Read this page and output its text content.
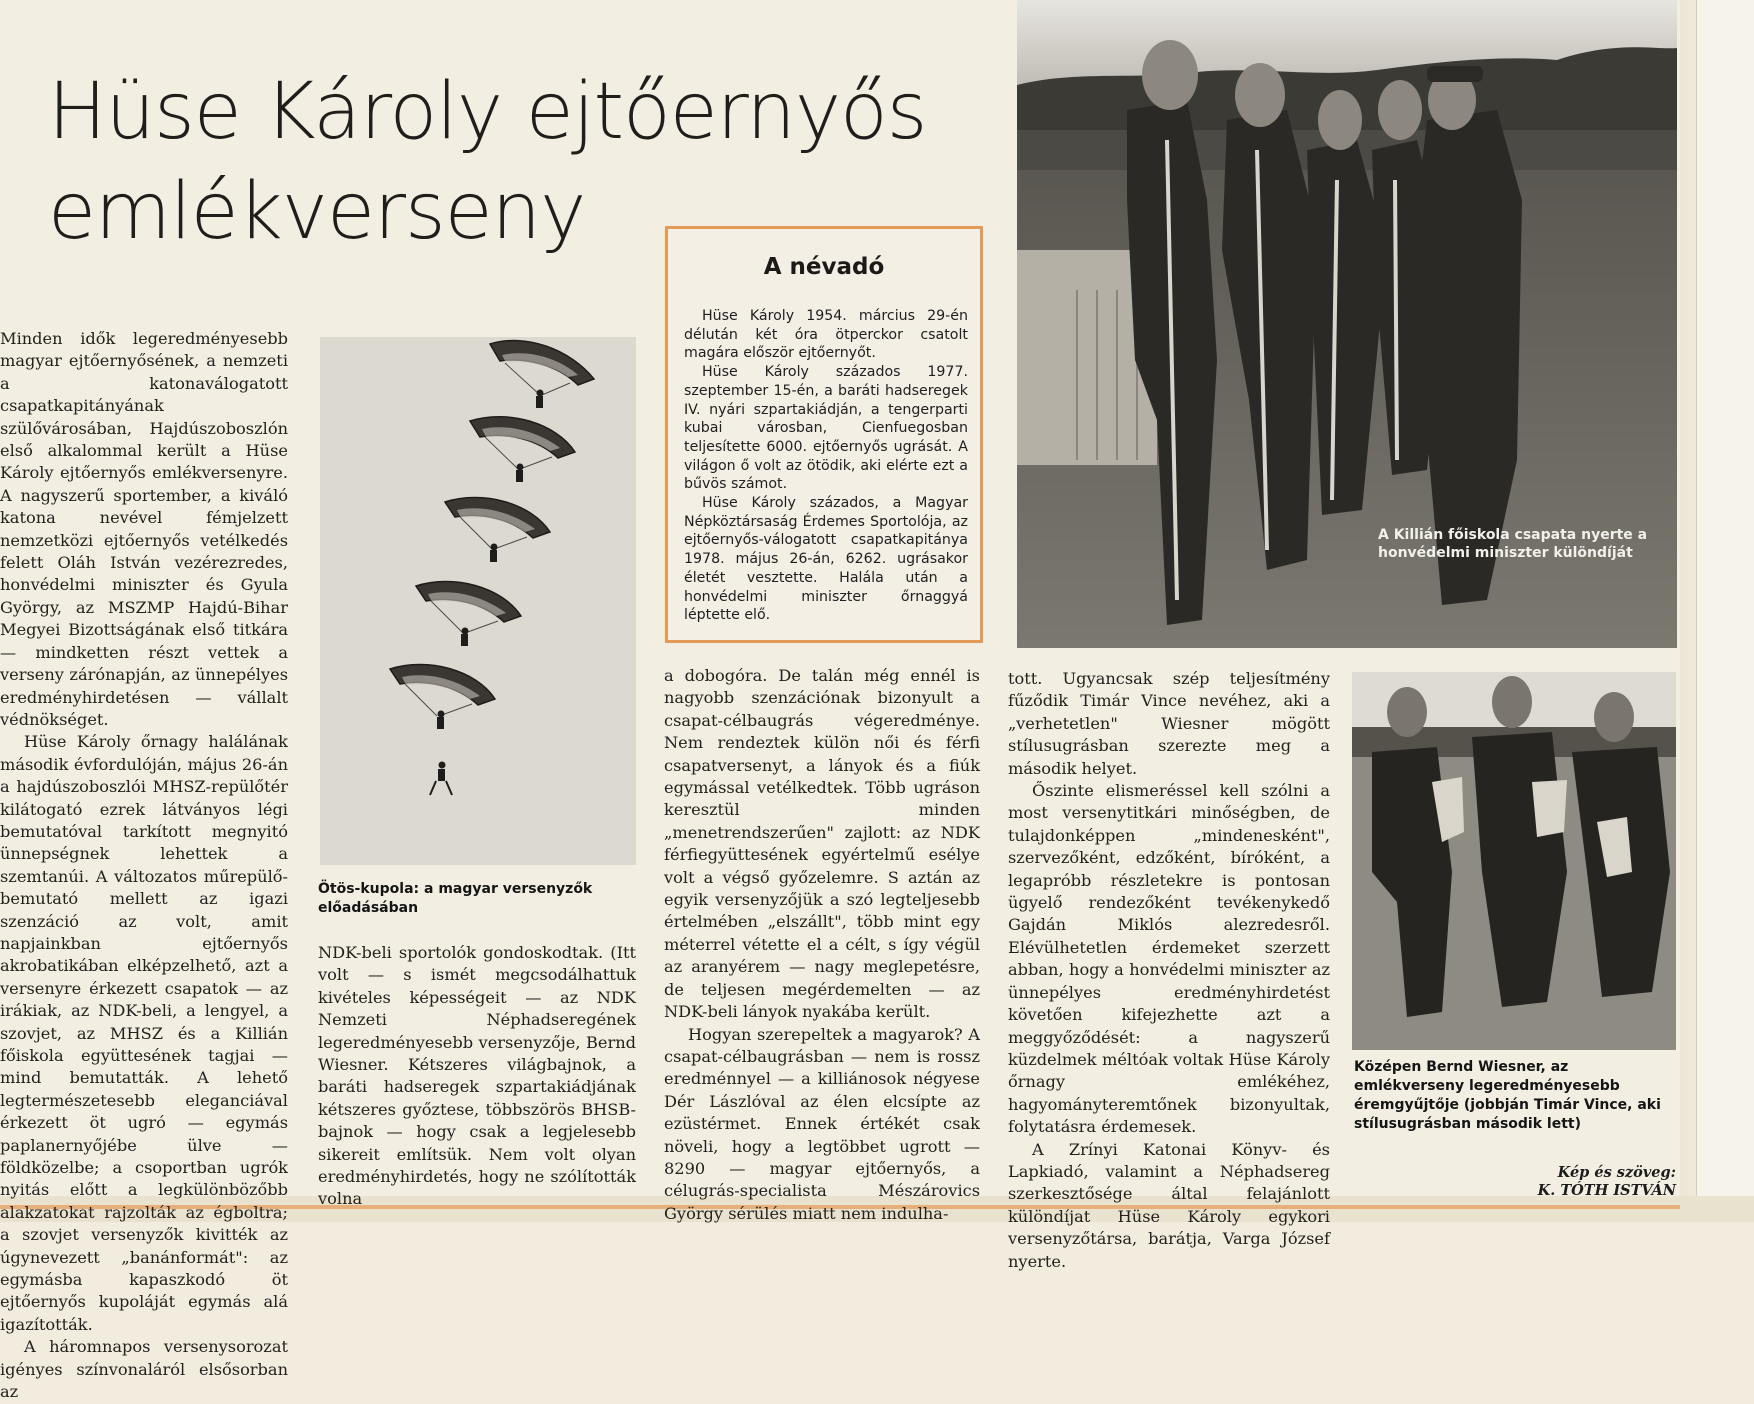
Hüse Károly ejtőernyős
emlékverseny

Minden idők legeredményesebb magyar ejtőernyősének, a nemzeti a katonaválogatott csapatkapitányának szülővárosában, Hajdúszoboszlón első alkalommal került a Hüse Károly ejtőernyős emlékversenyre. A nagyszerű sportember, a kiváló katona nevével fémjelzett nemzetközi ejtőernyős vetélkedés felett Oláh István vezérezredes, honvédelmi miniszter és Gyula György, az MSZMP Hajdú-Bihar Megyei Bizottságának első titkára — mindketten részt vettek a verseny zárónapján, az ünnepélyes eredményhirdetésen — vállalt védnökséget.

Hüse Károly őrnagy halálának második évfordulóján, május 26-án a hajdúszoboszlói MHSZ-repülőtér kilátogató ezrek látványos légi bemutatóval tarkított megnyitó ünnepségnek lehettek a szemtanúi. A változatos műrepülő-bemutató mellett az igazi szenzáció az volt, amit napjainkban ejtőernyős akrobatikában elképzelhető, azt a versenyre érkezett csapatok — az irákiak, az NDK-beli, a lengyel, a szovjet, az MHSZ és a Killián főiskola együttesének tagjai — mind bemutatták. A lehető legtermészetesebb eleganciával érkezett öt ugró — egymás paplanernyőjébe ülve — földközelbe; a csoportban ugrók nyitás előtt a legkülönbözőbb alakzatokat rajzolták az égboltra; a szovjet versenyzők kivitték az úgynevezett „banánformát": az egymásba kapaszkodó öt ejtőernyős kupoláját egymás alá igazították.

A háromnapos versenysorozat igényes színvonaláról elsősorban az

Ötös-kupola: a magyar versenyzők előadásában

NDK-beli sportolók gondoskodtak. (Itt volt — s ismét megcsodálhattuk kivételes képességeit — az NDK Nemzeti Néphadseregének legeredményesebb versenyzője, Bernd Wiesner. Kétszeres világbajnok, a baráti hadseregek szpartakiádjának kétszeres győztese, többszörös BHSB-bajnok — hogy csak a legjelesebb sikereit említsük. Nem volt olyan eredményhirdetés, hogy ne szólították volna

A névadó

Hüse Károly 1954. március 29-én délután két óra ötperckor csatolt magára először ejtőernyőt.

Hüse Károly százados 1977. szeptember 15-én, a baráti hadseregek IV. nyári szpartakiádján, a tengerparti kubai városban, Cienfuegosban teljesítette 6000. ejtőernyős ugrását. A világon ő volt az ötödik, aki elérte ezt a bűvös számot.

Hüse Károly százados, a Magyar Népköztársaság Érdemes Sportolója, az ejtőernyős-válogatott csapatkapitánya 1978. május 26-án, 6262. ugrásakor életét vesztette. Halála után a honvédelmi miniszter őrnaggyá léptette elő.

a dobogóra. De talán még ennél is nagyobb szenzációnak bizonyult a csapat-célbaugrás végeredménye. Nem rendeztek külön női és férfi csapatversenyt, a lányok és a fiúk egymással vetélkedtek. Több ugráson keresztül minden „menetrendszerűen" zajlott: az NDK férfiegyüttesének egyértelmű esélye volt a végső győzelemre. S aztán az egyik versenyzőjük a szó legteljesebb értelmében „elszállt", több mint egy méterrel vétette el a célt, s így végül az aranyérem — nagy meglepetésre, de teljesen megérdemelten — az NDK-beli lányok nyakába került.

Hogyan szerepeltek a magyarok? A csapat-célbaugrásban — nem is rossz eredménnyel — a killiánosok négyese Dér Lászlóval az élen elcsípte az ezüstérmet. Ennek értékét csak növeli, hogy a legtöbbet ugrott — 8290 — magyar ejtőernyős, a célugrás-specialista Mészárovics György sérülés miatt nem indulha-

A Killián főiskola csapata nyerte a honvédelmi miniszter különdíját

tott. Ugyancsak szép teljesítmény fűződik Timár Vince nevéhez, aki a „verhetetlen" Wiesner mögött stílusugrásban szerezte meg a második helyet.

Őszinte elismeréssel kell szólni a most versenytitkári minőségben, de tulajdonképpen „mindenesként", szervezőként, edzőként, bíróként, a legapróbb részletekre is pontosan ügyelő rendezőként tevékenykedő Gajdán Miklós alezredesről. Elévülhetetlen érdemeket szerzett abban, hogy a honvédelmi miniszter az ünnepélyes eredményhirdetést követően kifejezhette azt a meggyőződését: a nagyszerű küzdelmek méltóak voltak Hüse Károly őrnagy emlékéhez, hagyományteremtőnek bizonyultak, folytatásra érdemesek.

A Zrínyi Katonai Könyv- és Lapkiadó, valamint a Néphadsereg szerkesztősége által felajánlott különdíjat Hüse Károly egykori versenyzőtársa, barátja, Varga József nyerte.

Középen Bernd Wiesner, az emlékverseny legeredményesebb éremgyűjtője (jobbján Timár Vince, aki stílusugrásban második lett)
Kép és szöveg:
K. TÓTH ISTVÁN
